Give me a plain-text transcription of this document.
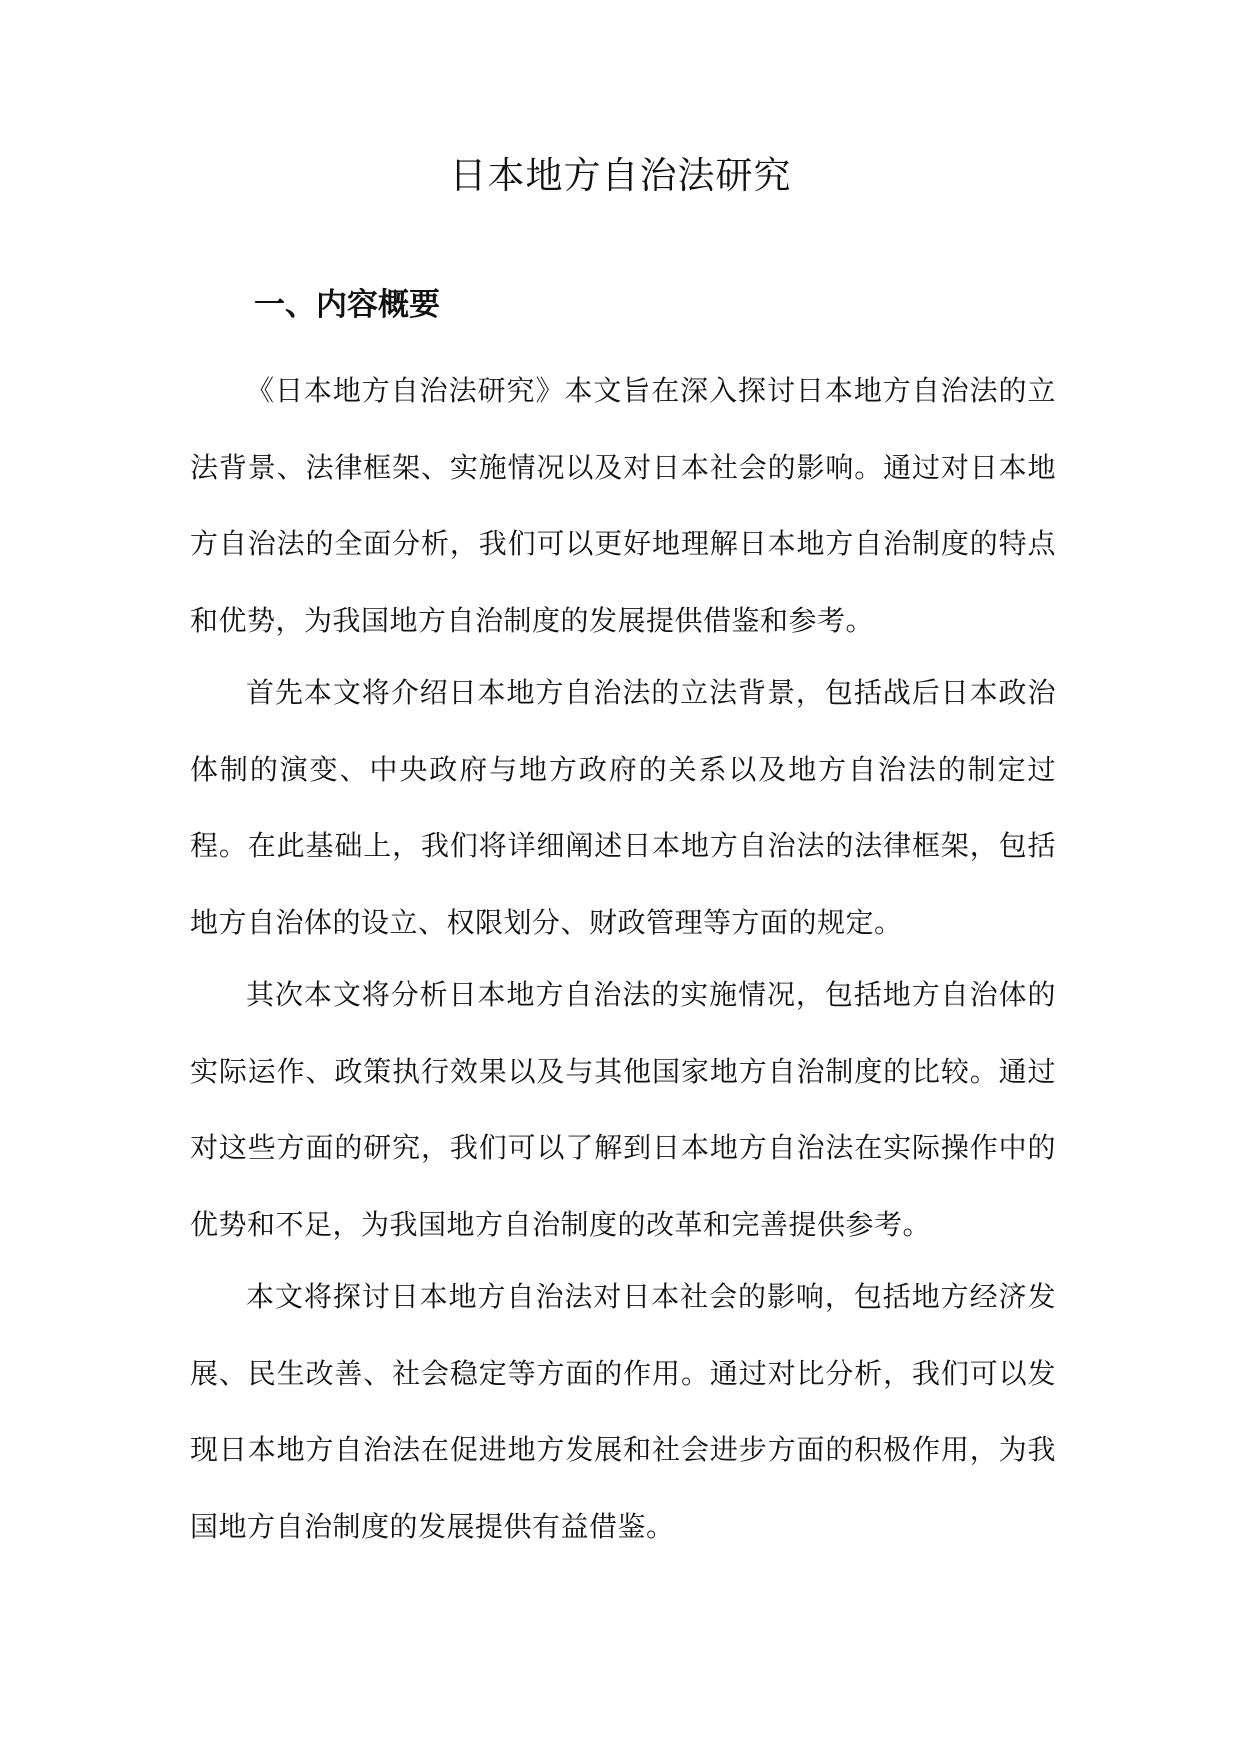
日本地方自治法研究
一、内容概要

《日本地方自治法研究》本文旨在深入探讨日本地方自治法的立法背景、法律框架、实施情况以及对日本社会的影响。通过对日本地方自治法的全面分析，我们可以更好地理解日本地方自治制度的特点和优势，为我国地方自治制度的发展提供借鉴和参考。

首先本文将介绍日本地方自治法的立法背景，包括战后日本政治体制的演变、中央政府与地方政府的关系以及地方自治法的制定过程。在此基础上，我们将详细阐述日本地方自治法的法律框架，包括地方自治体的设立、权限划分、财政管理等方面的规定。

其次本文将分析日本地方自治法的实施情况，包括地方自治体的实际运作、政策执行效果以及与其他国家地方自治制度的比较。通过对这些方面的研究，我们可以了解到日本地方自治法在实际操作中的优势和不足，为我国地方自治制度的改革和完善提供参考。

本文将探讨日本地方自治法对日本社会的影响，包括地方经济发展、民生改善、社会稳定等方面的作用。通过对比分析，我们可以发现日本地方自治法在促进地方发展和社会进步方面的积极作用，为我国地方自治制度的发展提供有益借鉴。
